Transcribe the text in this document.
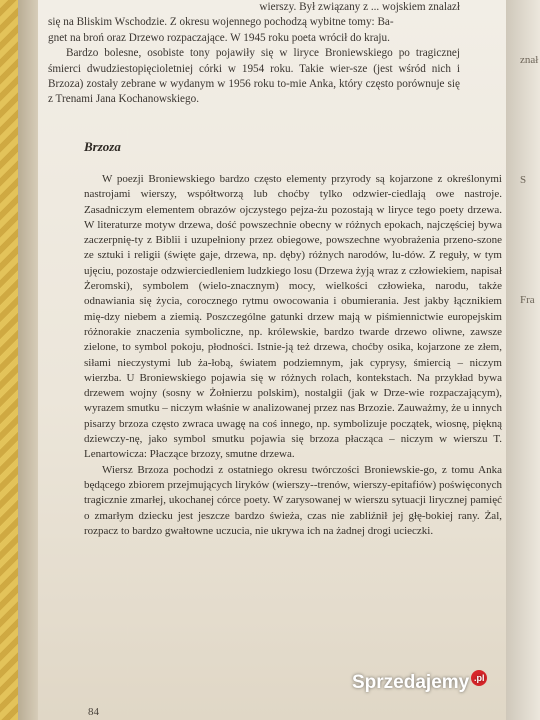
wierszy. Był związany z ... wojskiem znalazł

się na Bliskim Wschodzie. Z okresu wojennego pochodzą wybitne tomy: Ba-

gnet na broń oraz Drzewo rozpaczające. W 1945 roku poeta wrócił do kraju.

Bardzo bolesne, osobiste tony pojawiły się w liryce Broniewskiego po tragicznej śmierci dwudziestopięcioletniej córki w 1954 roku. Takie wier-sze (jest wśród nich i Brzoza) zostały zebrane w wydanym w 1956 roku to-mie Anka, który często porównuje się z Trenami Jana Kochanowskiego.

Brzoza

W poezji Broniewskiego bardzo często elementy przyrody są kojarzone z określonymi nastrojami wierszy, współtworzą lub choćby tylko odzwier-ciedlają owe nastroje. Zasadniczym elementem obrazów ojczystego pejza-żu pozostają w liryce tego poety drzewa. W literaturze motyw drzewa, dość powszechnie obecny w różnych epokach, najczęściej bywa zaczerpnię-ty z Biblii i uzupełniony przez obiegowe, powszechne wyobrażenia przeno-szone ze sztuki i religii (święte gaje, drzewa, np. dęby) różnych narodów, lu-dów. Z reguły, w tym ujęciu, pozostaje odzwierciedleniem ludzkiego losu (Drzewa żyją wraz z człowiekiem, napisał Żeromski), symbolem (wielo-znacznym) mocy, wielkości człowieka, narodu, także odnawiania się życia, corocznego rytmu owocowania i obumierania. Jest jakby łącznikiem mię-dzy niebem a ziemią. Poszczególne gatunki drzew mają w piśmiennictwie europejskim różnorakie znaczenia symboliczne, np. królewskie, bardzo twarde drzewo oliwne, zawsze zielone, to symbol pokoju, płodności. Istnie-ją też drzewa, choćby osika, kojarzone ze złem, siłami nieczystymi lub ża-łobą, światem podziemnym, jak cyprysy, śmiercią – niczym wierzba. U Broniewskiego pojawia się w różnych rolach, kontekstach. Na przykład bywa drzewem wojny (sosny w Żołnierzu polskim), nostalgii (jak w Drze-wie rozpaczającym), wyrazem smutku – niczym właśnie w analizowanej przez nas Brzozie. Zauważmy, że u innych pisarzy brzoza często zwraca uwagę na coś innego, np. symbolizuje początek, wiosnę, piękną dziewczy-nę, jako symbol smutku pojawia się brzoza płacząca – niczym w wierszu T. Lenartowicza: Płaczące brzozy, smutne drzewa.

Wiersz Brzoza pochodzi z ostatniego okresu twórczości Broniewskie-go, z tomu Anka będącego zbiorem przejmujących liryków (wierszy--trenów, wierszy-epitafiów) poświęconych tragicznie zmarłej, ukochanej córce poety. W zarysowanej w wierszu sytuacji lirycznej pamięć o zmarłym dziecku jest jeszcze bardzo świeża, czas nie zabliźnił jej głę-bokiej rany. Żal, rozpacz to bardzo gwałtowne uczucia, nie ukrywa ich na żadnej drogi ucieczki.

84
znał
S
Fra
Sprzedajemy .pl
